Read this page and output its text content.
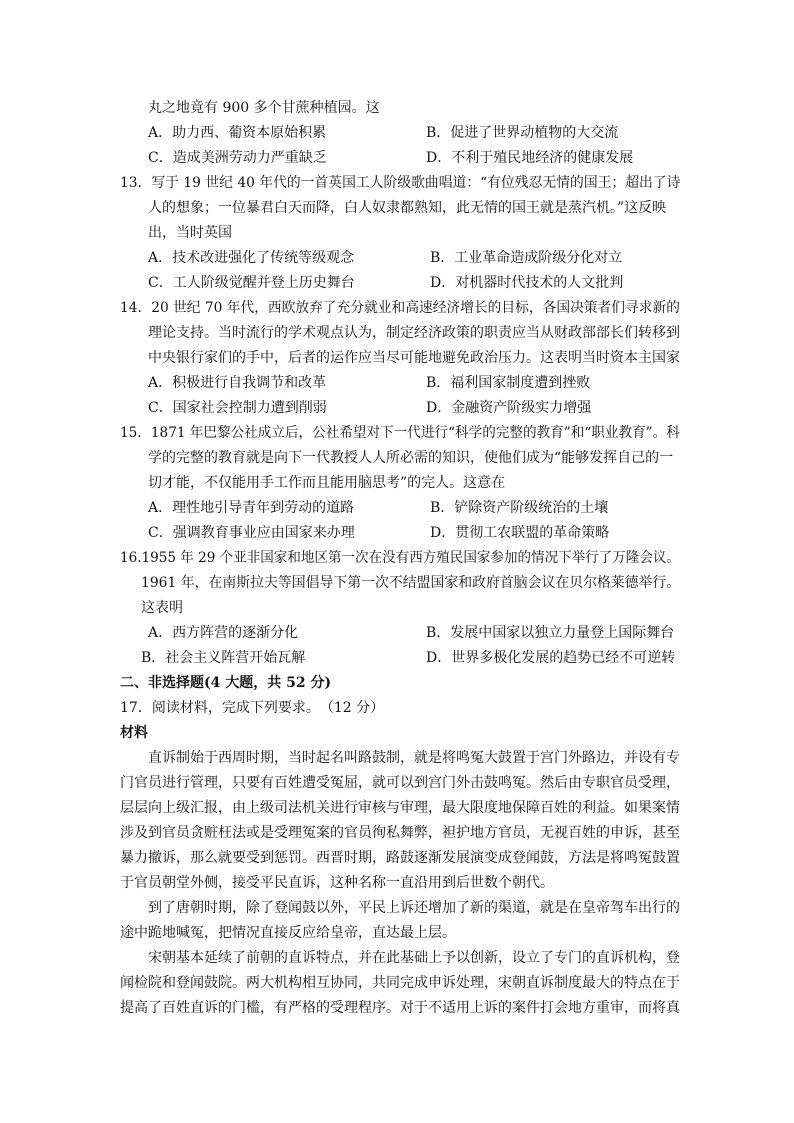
丸之地竟有 900 多个甘蔗种植园。这
A．助力西、葡资本原始积累	B．促进了世界动植物的大交流
C．造成美洲劳动力严重缺乏	D．不利于殖民地经济的健康发展
13．写于 19 世纪 40 年代的一首英国工人阶级歌曲唱道：“有位残忍无情的国王；超出了诗
人的想象；一位暴君白天而降，白人奴隶都熟知，此无情的国王就是蒸汽机。”这反映
出，当时英国
A．技术改进强化了传统等级观念	B．工业革命造成阶级分化对立
C．工人阶级觉醒并登上历史舞台	D．对机器时代技术的人文批判
14．20 世纪 70 年代，西欧放弃了充分就业和高速经济增长的目标，各国决策者们寻求新的
理论支持。当时流行的学术观点认为，制定经济政策的职责应当从财政部部长们转移到
中央银行家们的手中，后者的运作应当尽可能地避免政治压力。这表明当时资本主国家
A．积极进行自我调节和改革	B．福利国家制度遭到挫败
C．国家社会控制力遭到削弱	D．金融资产阶级实力增强
15．1871 年巴黎公社成立后，公社希望对下一代进行“科学的完整的教育”和“职业教育”。科
学的完整的教育就是向下一代教授人人所必需的知识，使他们成为“能够发挥自己的一
切才能，不仅能用手工作而且能用脑思考”的完人。这意在
A．理性地引导青年到劳动的道路	B．铲除资产阶级统治的土壤
C．强调教育事业应由国家来办理	D．贯彻工农联盟的革命策略
16.1955 年 29 个亚非国家和地区第一次在没有西方殖民国家参加的情况下举行了万隆会议。
1961 年，在南斯拉夫等国倡导下第一次不结盟国家和政府首脑会议在贝尔格莱德举行。
这表明
A．西方阵营的逐渐分化	B．发展中国家以独立力量登上国际舞台
B．社会主义阵营开始瓦解	D．世界多极化发展的趋势已经不可逆转
二、非选择题(4 大题，共 52 分)
17．阅读材料，完成下列要求。　（12 分）
材料
直诉制始于西周时期，当时起名叫路鼓制，就是将鸣冤大鼓置于宫门外路边，并设有专
门官员进行管理，只要有百姓遭受冤屈，就可以到宫门外击鼓鸣冤。然后由专职官员受理，
层层向上级汇报，由上级司法机关进行审核与审理，最大限度地保障百姓的利益。如果案情
涉及到官员贪赃枉法或是受理冤案的官员徇私舞弊，袒护地方官员，无视百姓的申诉，甚至
暴力撤诉，那么就要受到惩罚。西晋时期，路鼓逐渐发展演变成登闻鼓，方法是将鸣冤鼓置
于官员朝堂外侧，接受平民直诉，这种名称一直沿用到后世数个朝代。
到了唐朝时期，除了登闻鼓以外，平民上诉还增加了新的渠道，就是在皇帝驾车出行的
途中跪地喊冤，把情况直接反应给皇帝，直达最上层。
宋朝基本延续了前朝的直诉特点，并在此基础上予以创新，设立了专门的直诉机构，登
闻检院和登闻鼓院。两大机构相互协同，共同完成申诉处理，宋朝直诉制度最大的特点在于
提高了百姓直诉的门槛，有严格的受理程序。对于不适用上诉的案件打会地方重审，而将真
